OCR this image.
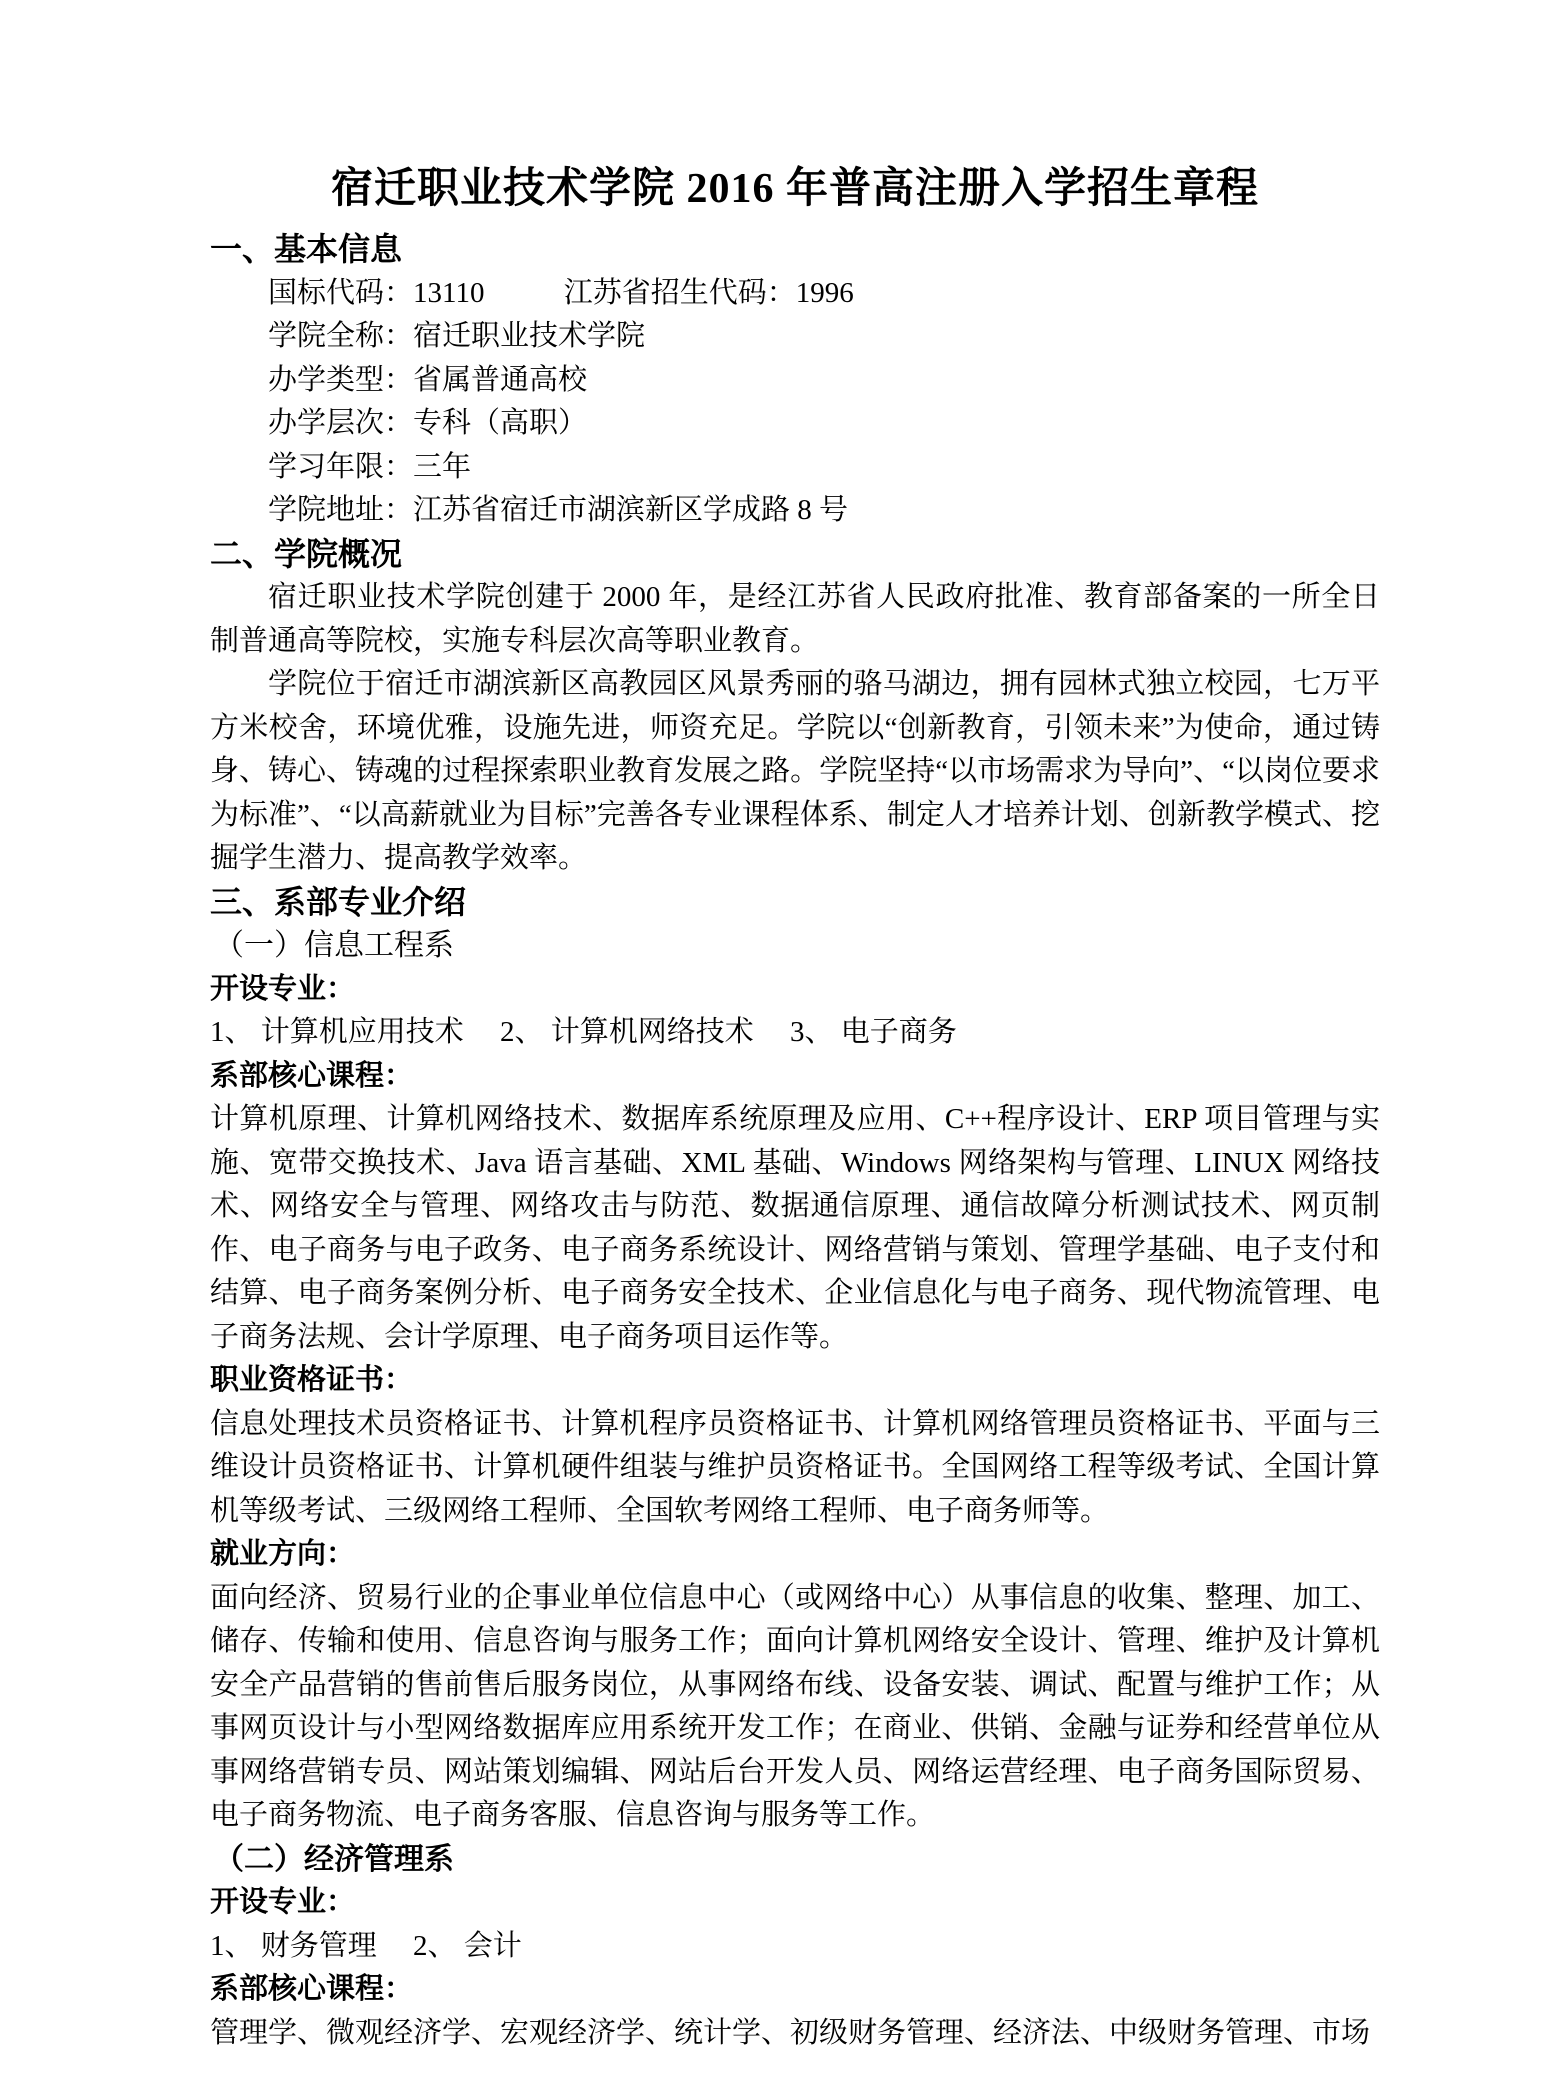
宿迁职业技术学院 2016 年普高注册入学招生章程
一、基本信息
国标代码：13110	江苏省招生代码：1996
学院全称：宿迁职业技术学院
办学类型：省属普通高校
办学层次：专科（高职）
学习年限：三年
学院地址：江苏省宿迁市湖滨新区学成路 8 号
二、学院概况

宿迁职业技术学院创建于 2000 年，是经江苏省人民政府批准、教育部备案的一所全日制普通高等院校，实施专科层次高等职业教育。

学院位于宿迁市湖滨新区高教园区风景秀丽的骆马湖边，拥有园林式独立校园，七万平方米校舍，环境优雅，设施先进，师资充足。学院以“创新教育，引领未来”为使命，通过铸身、铸心、铸魂的过程探索职业教育发展之路。学院坚持“以市场需求为导向”、“以岗位要求为标准”、“以高薪就业为目标”完善各专业课程体系、制定人才培养计划、创新教学模式、挖掘学生潜力、提高教学效率。

三、系部专业介绍
（一）信息工程系
开设专业：

1、 计算机应用技术　 2、 计算机网络技术　 3、 电子商务

系部核心课程：

计算机原理、计算机网络技术、数据库系统原理及应用、C++程序设计、ERP 项目管理与实施、宽带交换技术、Java 语言基础、XML 基础、Windows 网络架构与管理、LINUX 网络技术、网络安全与管理、网络攻击与防范、数据通信原理、通信故障分析测试技术、网页制作、电子商务与电子政务、电子商务系统设计、网络营销与策划、管理学基础、电子支付和结算、电子商务案例分析、电子商务安全技术、企业信息化与电子商务、现代物流管理、电子商务法规、会计学原理、电子商务项目运作等。

职业资格证书：

信息处理技术员资格证书、计算机程序员资格证书、计算机网络管理员资格证书、平面与三维设计员资格证书、计算机硬件组装与维护员资格证书。全国网络工程等级考试、全国计算机等级考试、三级网络工程师、全国软考网络工程师、电子商务师等。

就业方向：

面向经济、贸易行业的企事业单位信息中心（或网络中心）从事信息的收集、整理、加工、储存、传输和使用、信息咨询与服务工作；面向计算机网络安全设计、管理、维护及计算机安全产品营销的售前售后服务岗位，从事网络布线、设备安装、调试、配置与维护工作；从事网页设计与小型网络数据库应用系统开发工作；在商业、供销、金融与证券和经营单位从事网络营销专员、网站策划编辑、网站后台开发人员、网络运营经理、电子商务国际贸易、电子商务物流、电子商务客服、信息咨询与服务等工作。

（二）经济管理系
开设专业：

1、 财务管理　 2、 会计

系部核心课程：

管理学、微观经济学、宏观经济学、统计学、初级财务管理、经济法、中级财务管理、市场
